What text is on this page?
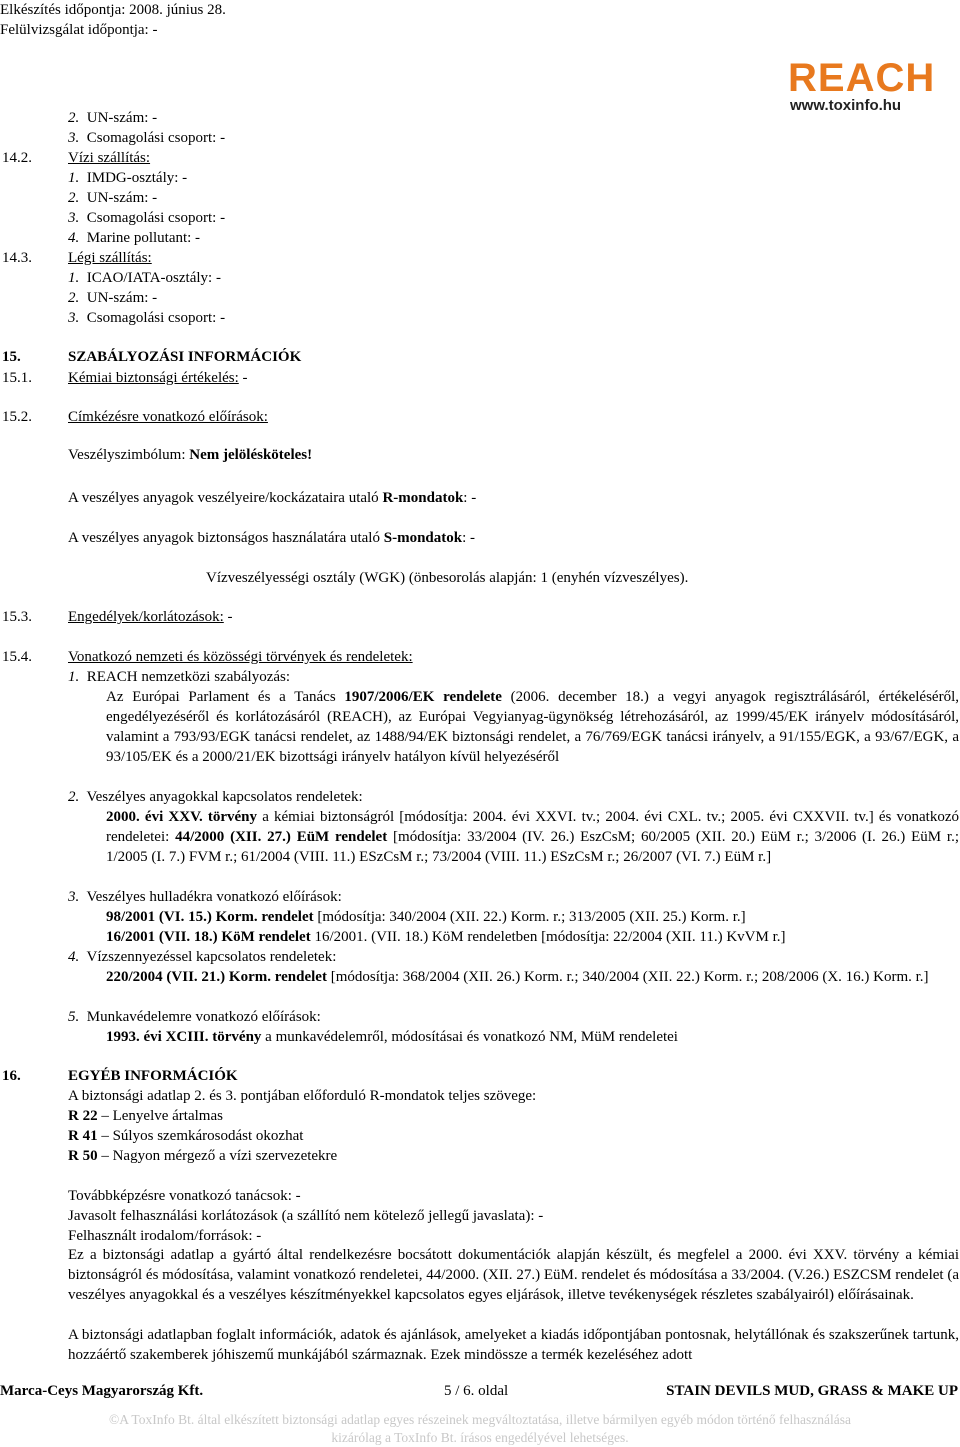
Elkészítés időpontja: 2008. június 28.
Felülvizsgálat időpontja: -
REACH
www.toxinfo.hu
2. UN-szám: -
3. Csomagolási csoport: -
14.2. Vízi szállítás:
1. IMDG-osztály: -
2. UN-szám: -
3. Csomagolási csoport: -
4. Marine pollutant: -
14.3. Légi szállítás:
1. ICAO/IATA-osztály: -
2. UN-szám: -
3. Csomagolási csoport: -
15.	SZABÁLYOZÁSI INFORMÁCIÓK
15.1. Kémiai biztonsági értékelés: -
15.2. Címkézésre vonatkozó előírások:
Veszélyszimbólum: Nem jelölésköteles!
A veszélyes anyagok veszélyeire/kockázataira utaló R-mondatok: -
A veszélyes anyagok biztonságos használatára utaló S-mondatok: -
Vízveszélyességi osztály (WGK) (önbesorolás alapján: 1 (enyhén vízveszélyes).
15.3. Engedélyek/korlátozások: -
15.4. Vonatkozó nemzeti és közösségi törvények és rendeletek:
1. REACH nemzetközi szabályozás:
Az Európai Parlament és a Tanács 1907/2006/EK rendelete (2006. december 18.) a vegyi anyagok regisztrálásáról, értékeléséről, engedélyezéséről és korlátozásáról (REACH), az Európai Vegyianyag-ügynökség létrehozásáról, az 1999/45/EK irányelv módosításáról, valamint a 793/93/EGK tanácsi rendelet, az 1488/94/EK biztonsági rendelet, a 76/769/EGK tanácsi irányelv, a 91/155/EGK, a 93/67/EGK, a 93/105/EK és a 2000/21/EK bizottsági irányelv hatályon kívül helyezéséről
2. Veszélyes anyagokkal kapcsolatos rendeletek:
2000. évi XXV. törvény a kémiai biztonságról [módosítja: 2004. évi XXVI. tv.; 2004. évi CXL. tv.; 2005. évi CXXVII. tv.] és vonatkozó rendeletei: 44/2000 (XII. 27.) EüM rendelet [módosítja: 33/2004 (IV. 26.) EszCsM; 60/2005 (XII. 20.) EüM r.; 3/2006 (I. 26.) EüM r.; 1/2005 (I. 7.) FVM r.; 61/2004 (VIII. 11.) ESzCsM r.; 73/2004 (VIII. 11.) ESzCsM r.; 26/2007 (VI. 7.) EüM r.]
3. Veszélyes hulladékra vonatkozó előírások:
98/2001 (VI. 15.) Korm. rendelet [módosítja: 340/2004 (XII. 22.) Korm. r.; 313/2005 (XII. 25.) Korm. r.]
16/2001 (VII. 18.) KöM rendelet 16/2001. (VII. 18.) KöM rendeletben [módosítja: 22/2004 (XII. 11.) KvVM r.]
4. Vízszennyezéssel kapcsolatos rendeletek:
220/2004 (VII. 21.) Korm. rendelet [módosítja: 368/2004 (XII. 26.) Korm. r.; 340/2004 (XII. 22.) Korm. r.; 208/2006 (X. 16.) Korm. r.]
5. Munkavédelemre vonatkozó előírások:
1993. évi XCIII. törvény a munkavédelemről, módosításai és vonatkozó NM, MüM rendeletei
16.	EGYÉB INFORMÁCIÓK
A biztonsági adatlap 2. és 3. pontjában előforduló R-mondatok teljes szövege:
R 22 – Lenyelve ártalmas
R 41 – Súlyos szemkárosodást okozhat
R 50 – Nagyon mérgező a vízi szervezetekre
Továbbképzésre vonatkozó tanácsok: -
Javasolt felhasználási korlátozások (a szállító nem kötelező jellegű javaslata): -
Felhasznált irodalom/források: -
Ez a biztonsági adatlap a gyártó által rendelkezésre bocsátott dokumentációk alapján készült, és megfelel a 2000. évi XXV. törvény a kémiai biztonságról és módosítása, valamint vonatkozó rendeletei, 44/2000. (XII. 27.) EüM. rendelet és módosítása a 33/2004. (V.26.) ESZCSM rendelet (a veszélyes anyagokkal és a veszélyes készítményekkel kapcsolatos egyes eljárások, illetve tevékenységek részletes szabályairól) előírásainak.
A biztonsági adatlapban foglalt információk, adatok és ajánlások, amelyeket a kiadás időpontjában pontosnak, helytállónak és szakszerűnek tartunk, hozzáértő szakemberek jóhiszemű munkájából származnak. Ezek mindössze a termék kezeléséhez adott
Marca-Ceys Magyarország Kft.	5 / 6. oldal	STAIN DEVILS MUD, GRASS & MAKE UP
©A ToxInfo Bt. által elkészített biztonsági adatlap egyes részeinek megváltoztatása, illetve bármilyen egyéb módon történő felhasználása
kizárólag a ToxInfo Bt. írásos engedélyével lehetséges.
